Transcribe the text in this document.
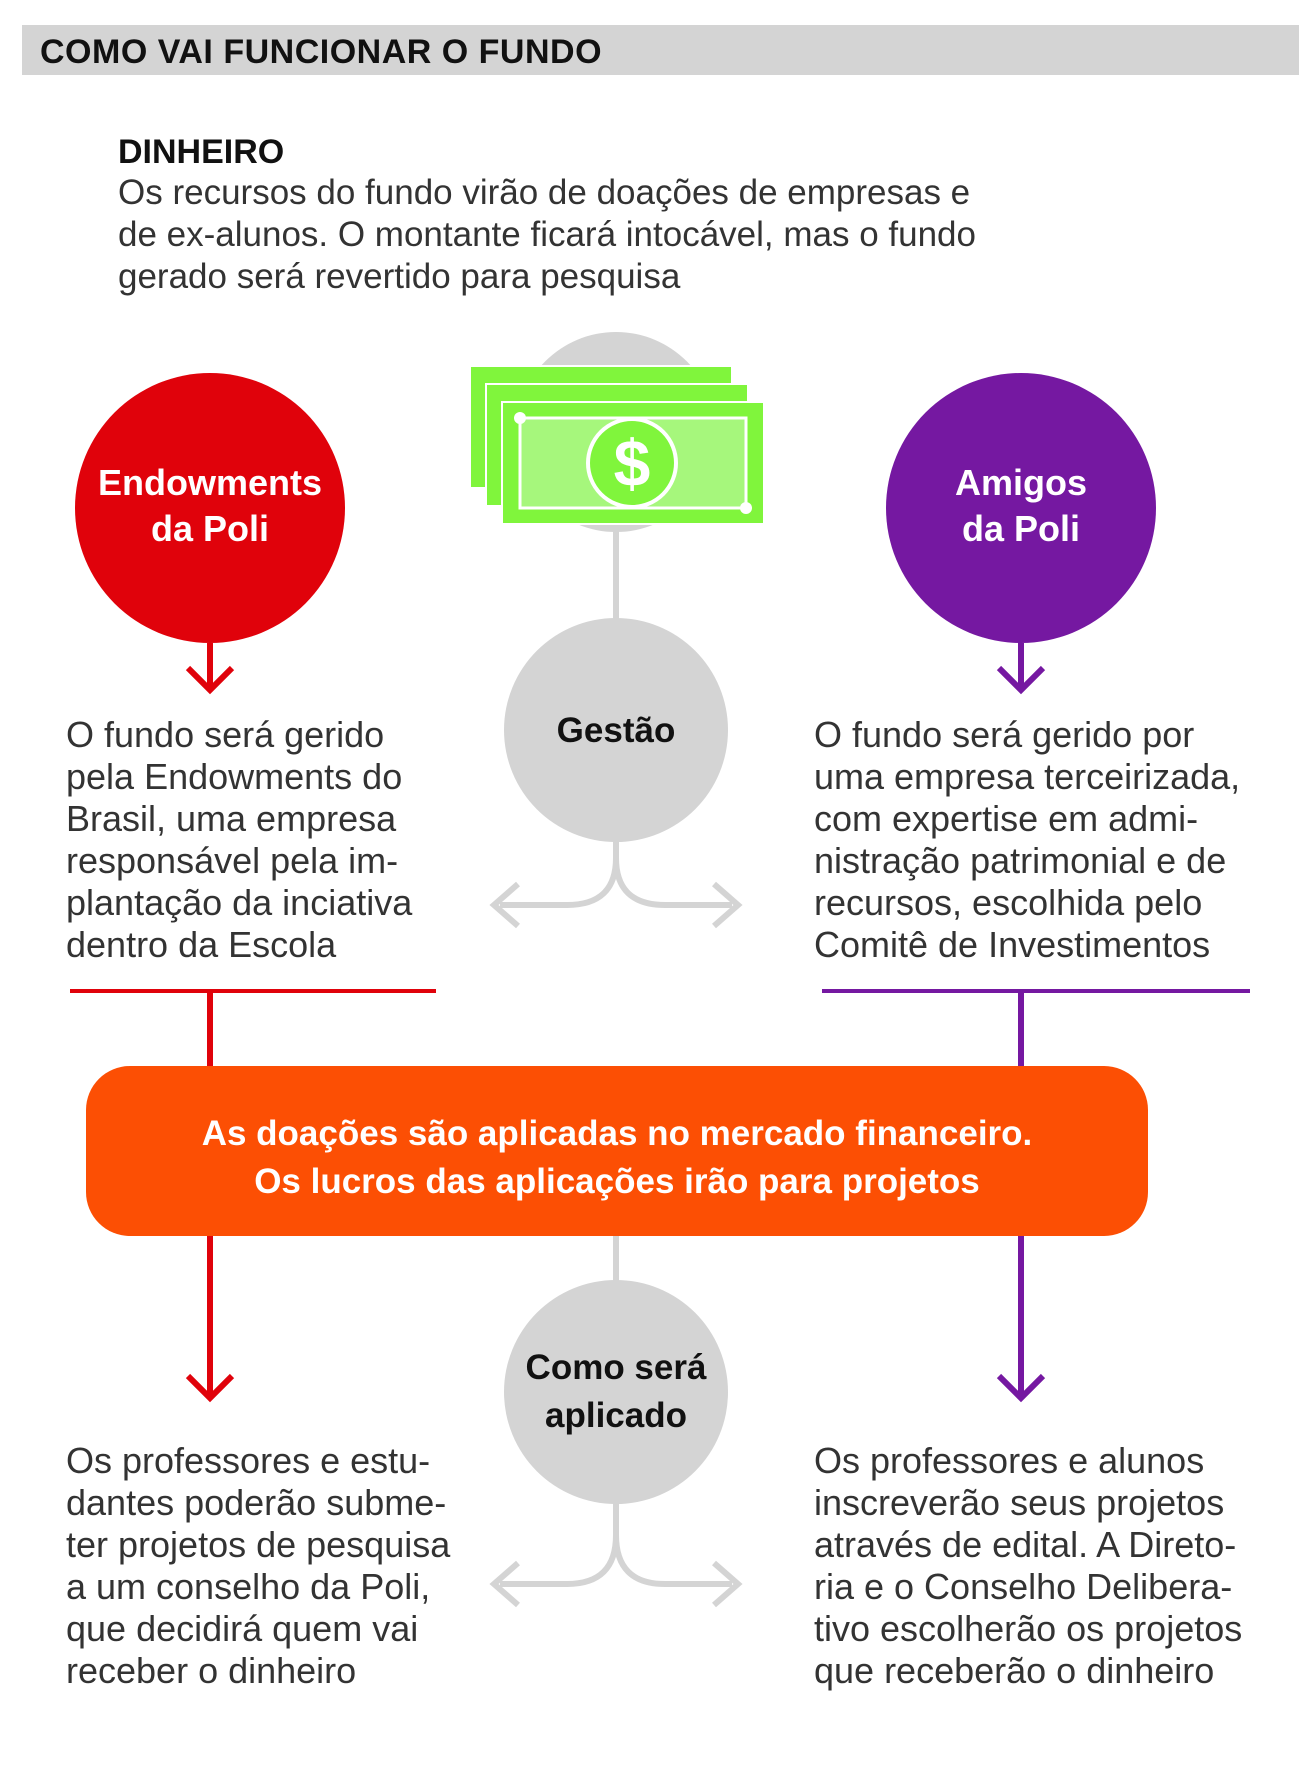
COMO VAI FUNCIONAR O FUNDO
DINHEIRO
Os recursos do fundo virão de doações de empresas e de ex-alunos. O montante ficará intocável, mas o fundo gerado será revertido para pesquisa
$
Endowments
da Poli
Amigos
da Poli
Gestão
Como será
aplicado
O fundo será gerido
pela Endowments do
Brasil, uma empresa
responsável pela im-
plantação da inciativa
dentro da Escola
O fundo será gerido por
uma empresa terceirizada,
com expertise em admi-
nistração patrimonial e de
recursos, escolhida pelo
Comitê de Investimentos
As doações são aplicadas no mercado financeiro.
Os lucros das aplicações irão para projetos
Os professores e estu-
dantes poderão submе-
ter projetos de pesquisa
a um conselho da Poli,
que decidirá quem vai
receber o dinheiro
Os professores e alunos
inscreverão seus projetos
através de edital. A Direto-
ria e o Conselho Delibera-
tivo escolherão os projetos
que receberão o dinheiro
